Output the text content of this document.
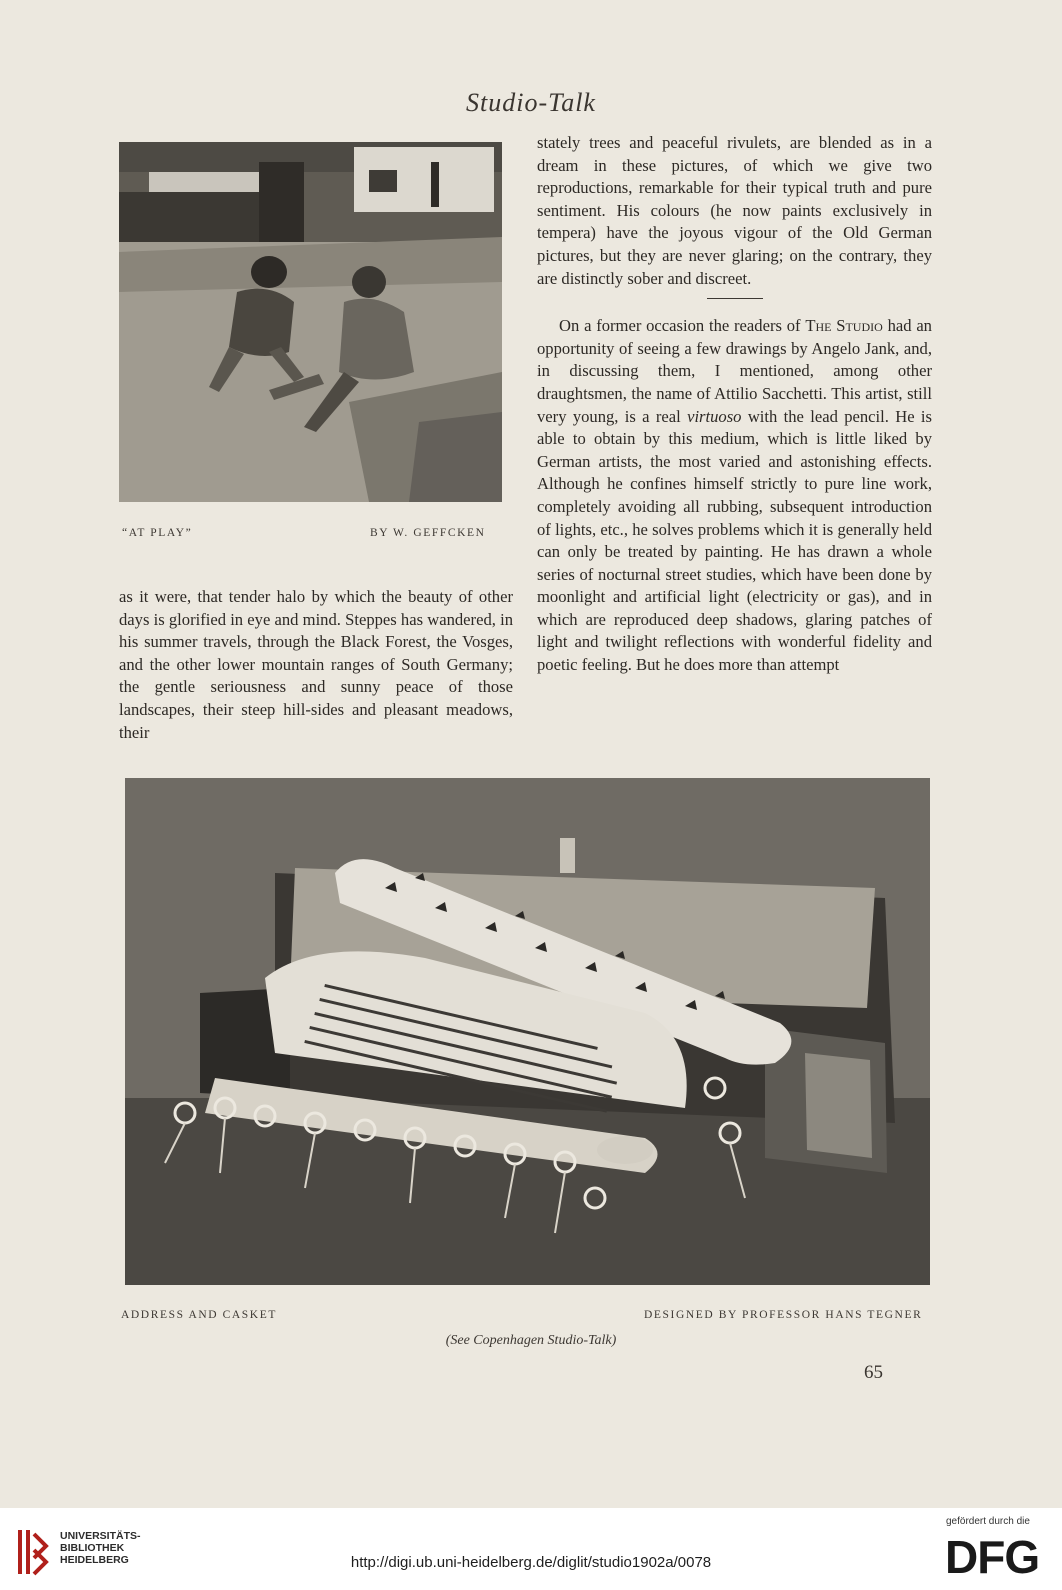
Studio-Talk
“AT PLAY”	BY W. GEFFCKEN

as it were, that tender halo by which the beauty of other days is glorified in eye and mind. Steppes has wandered, in his summer travels, through the Black Forest, the Vosges, and the other lower mountain ranges of South Germany; the gentle seriousness and sunny peace of those landscapes, their steep hill-sides and pleasant meadows, their

stately trees and peaceful rivulets, are blended as in a dream in these pictures, of which we give two reproductions, remarkable for their typical truth and pure sentiment. His colours (he now paints exclusively in tempera) have the joyous vigour of the Old German pictures, but they are never glaring; on the contrary, they are distinctly sober and discreet.

On a former occasion the readers of The Studio had an opportunity of seeing a few drawings by Angelo Jank, and, in discussing them, I mentioned, among other draughtsmen, the name of Attilio Sacchetti. This artist, still very young, is a real virtuoso with the lead pencil. He is able to obtain by this medium, which is little liked by German artists, the most varied and astonishing effects. Although he confines himself strictly to pure line work, completely avoiding all rubbing, subsequent introduction of lights, etc., he solves problems which it is generally held can only be treated by painting. He has drawn a whole series of nocturnal street studies, which have been done by moonlight and artificial light (electricity or gas), and in which are reproduced deep shadows, glaring patches of light and twilight reflections with wonderful fidelity and poetic feeling. But he does more than attempt

ADDRESS AND CASKET	DESIGNED BY PROFESSOR HANS TEGNER
(See Copenhagen Studio-Talk)
65
UNIVERSITÄTS-
BIBLIOTHEK
HEIDELBERG	http://digi.ub.uni-heidelberg.de/diglit/studio1902a/0078
gefördert durch die
DFG
